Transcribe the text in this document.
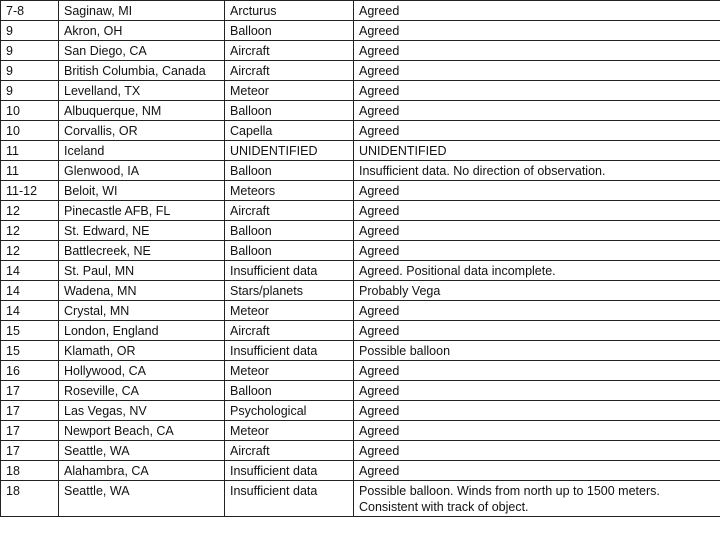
7-8	Saginaw, MI	Arcturus	Agreed
9	Akron, OH	Balloon	Agreed
9	San Diego, CA	Aircraft	Agreed
9	British Columbia, Canada	Aircraft	Agreed
9	Levelland, TX	Meteor	Agreed
10	Albuquerque, NM	Balloon	Agreed
10	Corvallis, OR	Capella	Agreed
11	Iceland	UNIDENTIFIED	UNIDENTIFIED
11	Glenwood, IA	Balloon	Insufficient data. No direction of observation.
11-12	Beloit, WI	Meteors	Agreed
12	Pinecastle AFB, FL	Aircraft	Agreed
12	St. Edward, NE	Balloon	Agreed
12	Battlecreek, NE	Balloon	Agreed
14	St. Paul, MN	Insufficient data	Agreed. Positional data incomplete.
14	Wadena, MN	Stars/planets	Probably Vega
14	Crystal, MN	Meteor	Agreed
15	London, England	Aircraft	Agreed
15	Klamath, OR	Insufficient data	Possible balloon
16	Hollywood, CA	Meteor	Agreed
17	Roseville, CA	Balloon	Agreed
17	Las Vegas, NV	Psychological	Agreed
17	Newport Beach, CA	Meteor	Agreed
17	Seattle, WA	Aircraft	Agreed
18	Alahambra, CA	Insufficient data	Agreed
18	Seattle, WA	Insufficient data	Possible balloon. Winds from north up to 1500 meters. Consistent with track of object.
